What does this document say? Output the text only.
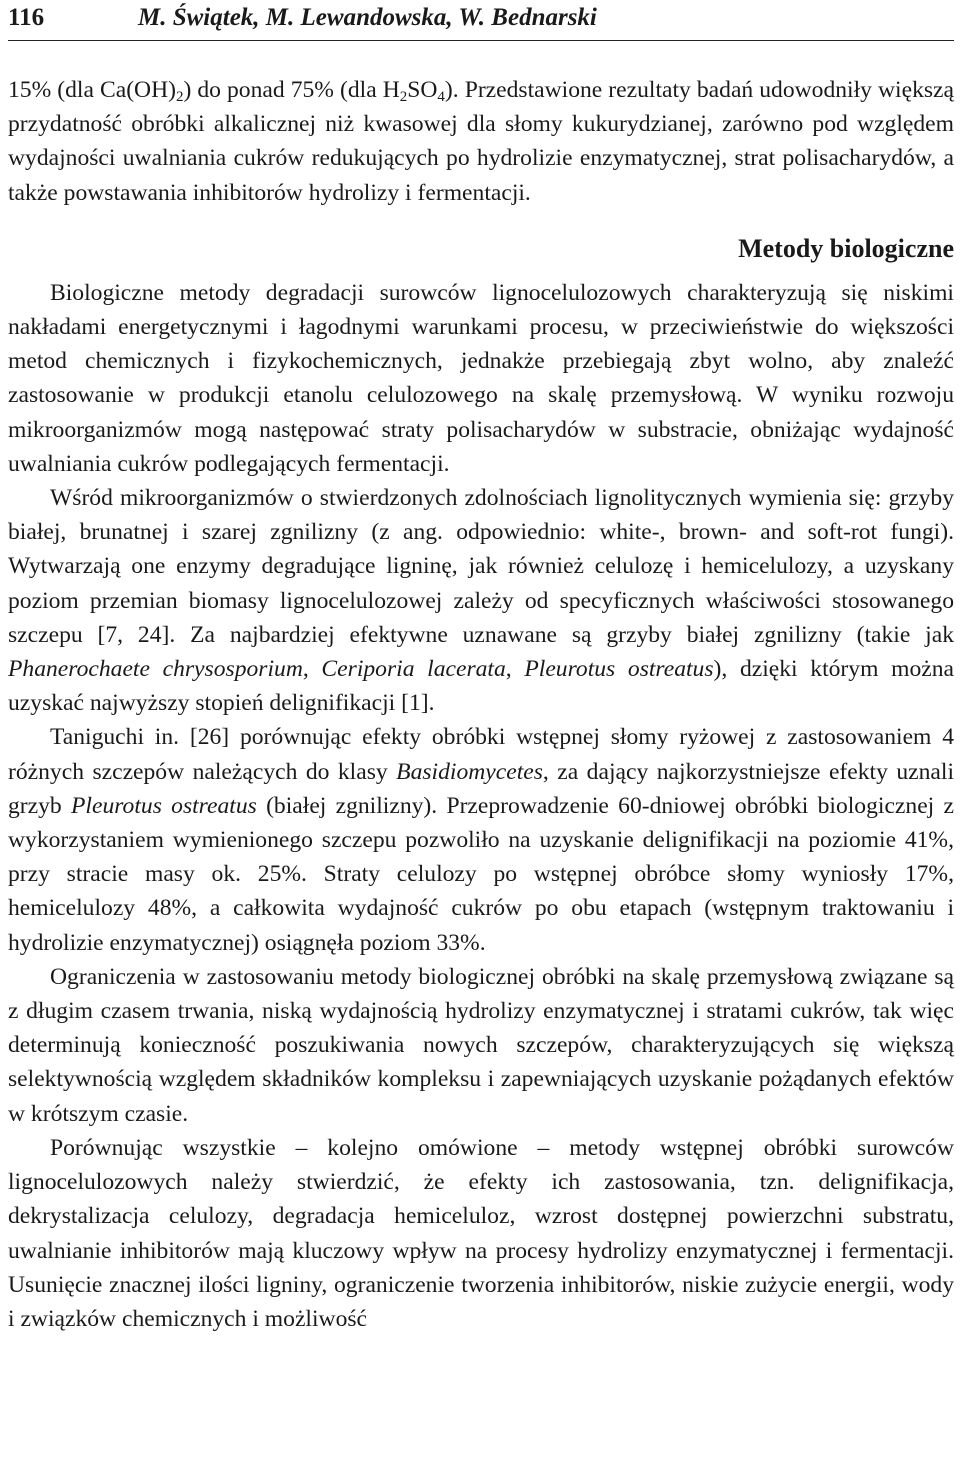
116	M. Świątek, M. Lewandowska, W. Bednarski

15% (dla $Ca(OH)_2$) do ponad 75% (dla $H_2SO_4$). Przedstawione rezultaty badań udowodniły większą przydatność obróbki alkalicznej niż kwasowej dla słomy kukurydzianej, zarówno pod względem wydajności uwalniania cukrów redukujących po hydrolizie enzymatycznej, strat polisacharydów, a także powstawania inhibitorów hydrolizy i fermentacji.

Metody biologiczne

Biologiczne metody degradacji surowców lignocelulozowych charakteryzują się niskimi nakładami energetycznymi i łagodnymi warunkami procesu, w przeciwieństwie do większości metod chemicznych i fizykochemicznych, jednakże przebiegają zbyt wolno, aby znaleźć zastosowanie w produkcji etanolu celulozowego na skalę przemysłową. W wyniku rozwoju mikroorganizmów mogą następować straty polisacharydów w substracie, obniżając wydajność uwalniania cukrów podlegających fermentacji.

Wśród mikroorganizmów o stwierdzonych zdolnościach lignolitycznych wymienia się: grzyby białej, brunatnej i szarej zgnilizny (z ang. odpowiednio: white-, brown- and soft-rot fungi). Wytwarzają one enzymy degradujące ligninę, jak również celulozę i hemicelulozy, a uzyskany poziom przemian biomasy lignocelulozowej zależy od specyficznych właściwości stosowanego szczepu [7, 24]. Za najbardziej efektywne uznawane są grzyby białej zgnilizny (takie jak Phanerochaete chrysosporium, Ceriporia lacerata, Pleurotus ostreatus), dzięki którym można uzyskać najwyższy stopień delignifikacji [1].

Taniguchi in. [26] porównując efekty obróbki wstępnej słomy ryżowej z zastosowaniem 4 różnych szczepów należących do klasy Basidiomycetes, za dający najkorzystniejsze efekty uznali grzyb Pleurotus ostreatus (białej zgnilizny). Przeprowadzenie 60-dniowej obróbki biologicznej z wykorzystaniem wymienionego szczepu pozwoliło na uzyskanie delignifikacji na poziomie 41%, przy stracie masy ok. 25%. Straty celulozy po wstępnej obróbce słomy wyniosły 17%, hemicelulozy 48%, a całkowita wydajność cukrów po obu etapach (wstępnym traktowaniu i hydrolizie enzymatycznej) osiągnęła poziom 33%.

Ograniczenia w zastosowaniu metody biologicznej obróbki na skalę przemysłową związane są z długim czasem trwania, niską wydajnością hydrolizy enzymatycznej i stratami cukrów, tak więc determinują konieczność poszukiwania nowych szczepów, charakteryzujących się większą selektywnością względem składników kompleksu i zapewniających uzyskanie pożądanych efektów w krótszym czasie.

Porównując wszystkie – kolejno omówione – metody wstępnej obróbki surowców lignocelulozowych należy stwierdzić, że efekty ich zastosowania, tzn. delignifikacja, dekrystalizacja celulozy, degradacja hemiceluloz, wzrost dostępnej powierzchni substratu, uwalnianie inhibitorów mają kluczowy wpływ na procesy hydrolizy enzymatycznej i fermentacji. Usunięcie znacznej ilości ligniny, ograniczenie tworzenia inhibitorów, niskie zużycie energii, wody i związków chemicznych i możliwość
